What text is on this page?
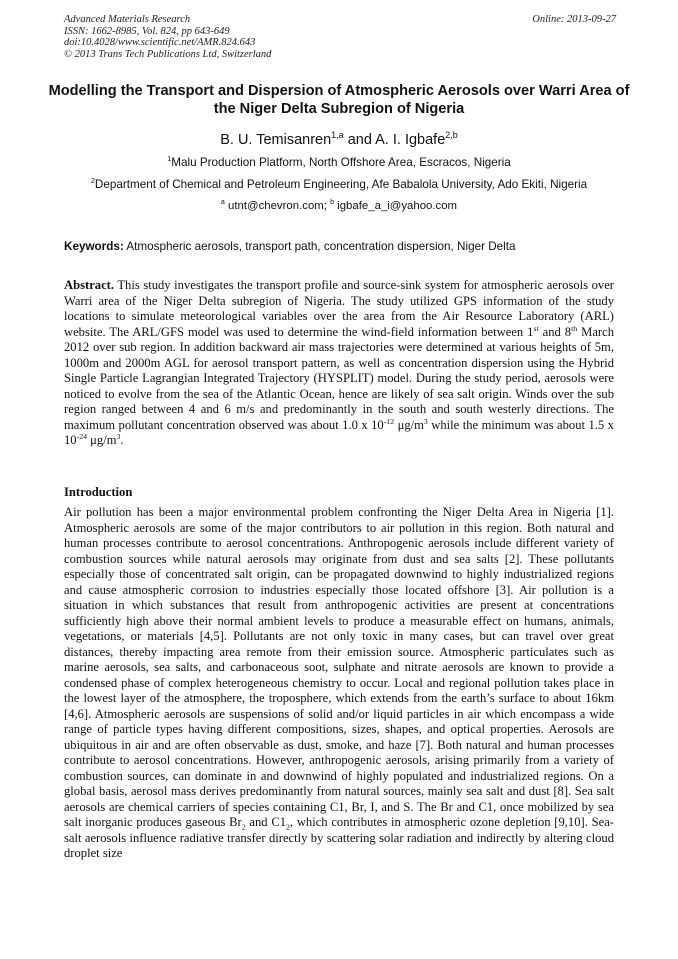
Advanced Materials Research
ISSN: 1662-8985, Vol. 824, pp 643-649
doi:10.4028/www.scientific.net/AMR.824.643
© 2013 Trans Tech Publications Ltd, Switzerland
Online: 2013-09-27
Modelling the Transport and Dispersion of Atmospheric Aerosols over Warri Area of the Niger Delta Subregion of Nigeria
B. U. Temisanren$^{1,a}$ and A. I. Igbafe$^{2,b}$
$^1$Malu Production Platform, North Offshore Area, Escracos, Nigeria
$^2$Department of Chemical and Petroleum Engineering, Afe Babalola University, Ado Ekiti, Nigeria
$^a$ utnt@chevron.com; $^b$ igbafe_a_i@yahoo.com
Keywords: Atmospheric aerosols, transport path, concentration dispersion, Niger Delta
Abstract. This study investigates the transport profile and source-sink system for atmospheric aerosols over Warri area of the Niger Delta subregion of Nigeria. The study utilized GPS information of the study locations to simulate meteorological variables over the area from the Air Resource Laboratory (ARL) website. The ARL/GFS model was used to determine the wind-field information between 1st and 8th March 2012 over sub region. In addition backward air mass trajectories were determined at various heights of 5m, 1000m and 2000m AGL for aerosol transport pattern, as well as concentration dispersion using the Hybrid Single Particle Lagrangian Integrated Trajectory (HYSPLIT) model. During the study period, aerosols were noticed to evolve from the sea of the Atlantic Ocean, hence are likely of sea salt origin. Winds over the sub region ranged between 4 and 6 m/s and predominantly in the south and south westerly directions. The maximum pollutant concentration observed was about 1.0 x $10^{-12}$ $\mu g/m^3$ while the minimum was about 1.5 x $10^{-24}$ $\mu g/m^3$.
Introduction
Air pollution has been a major environmental problem confronting the Niger Delta Area in Nigeria [1]. Atmospheric aerosols are some of the major contributors to air pollution in this region. Both natural and human processes contribute to aerosol concentrations. Anthropogenic aerosols include different variety of combustion sources while natural aerosols may originate from dust and sea salts [2]. These pollutants especially those of concentrated salt origin, can be propagated downwind to highly industrialized regions and cause atmospheric corrosion to industries especially those located offshore [3]. Air pollution is a situation in which substances that result from anthropogenic activities are present at concentrations sufficiently high above their normal ambient levels to produce a measurable effect on humans, animals, vegetations, or materials [4,5]. Pollutants are not only toxic in many cases, but can travel over great distances, thereby impacting area remote from their emission source. Atmospheric particulates such as marine aerosols, sea salts, and carbonaceous soot, sulphate and nitrate aerosols are known to provide a condensed phase of complex heterogeneous chemistry to occur. Local and regional pollution takes place in the lowest layer of the atmosphere, the troposphere, which extends from the earth’s surface to about 16km [4,6]. Atmospheric aerosols are suspensions of solid and/or liquid particles in air which encompass a wide range of particle types having different compositions, sizes, shapes, and optical properties. Aerosols are ubiquitous in air and are often observable as dust, smoke, and haze [7]. Both natural and human processes contribute to aerosol concentrations. However, anthropogenic aerosols, arising primarily from a variety of combustion sources, can dominate in and downwind of highly populated and industrialized regions. On a global basis, aerosol mass derives predominantly from natural sources, mainly sea salt and dust [8]. Sea salt aerosols are chemical carriers of species containing C1, Br, I, and S. The Br and C1, once mobilized by sea salt inorganic produces gaseous $Br_2$ and $C1_2$, which contributes in atmospheric ozone depletion [9,10]. Sea-salt aerosols influence radiative transfer directly by scattering solar radiation and indirectly by altering cloud droplet size
